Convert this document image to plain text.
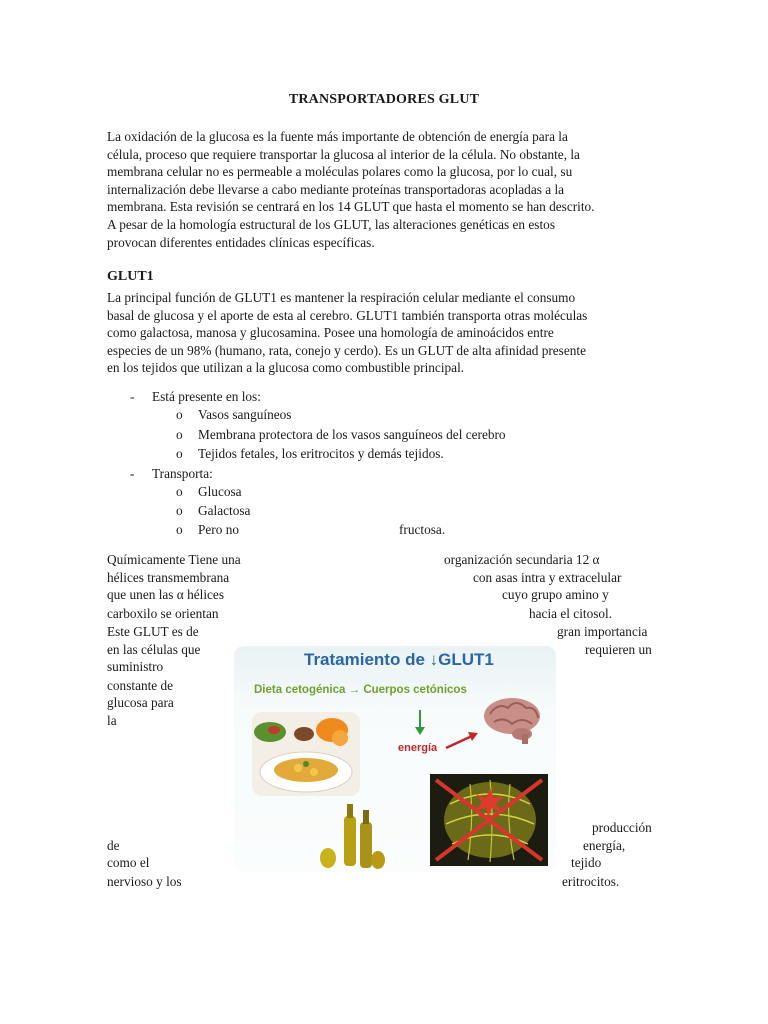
TRANSPORTADORES GLUT
La oxidación de la glucosa es la fuente más importante de obtención de energía para la
célula, proceso que requiere transportar la glucosa al interior de la célula. No obstante, la
membrana celular no es permeable a moléculas polares como la glucosa, por lo cual, su
internalización debe llevarse a cabo mediante proteínas transportadoras acopladas a la
membrana. Esta revisión se centrará en los 14 GLUT que hasta el momento se han descrito.
A pesar de la homología estructural de los GLUT, las alteraciones genéticas en estos
provocan diferentes entidades clínicas específicas.
GLUT1
La principal función de GLUT1 es mantener la respiración celular mediante el consumo
basal de glucosa y el aporte de esta al cerebro. GLUT1 también transporta otras moléculas
como galactosa, manosa y glucosamina. Posee una homología de aminoácidos entre
especies de un 98% (humano, rata, conejo y cerdo). Es un GLUT de alta afinidad presente
en los tejidos que utilizan a la glucosa como combustible principal.
- Está presente en los:
o Vasos sanguíneos
o Membrana protectora de los vasos sanguíneos del cerebro
o Tejidos fetales, los eritrocitos y demás tejidos.
- Transporta:
o Glucosa
o Galactosa
o Pero no	fructosa.
Químicamente Tiene una	organización secundaria 12 α
hélices transmembrana	con asas intra y extracelular
que unen las α hélices	cuyo grupo amino y
carboxilo se orientan	hacia el citosol.
Este GLUT es de	gran importancia
en las células que	requieren un
suministro
constante de
glucosa para
la
producción
de	energía,
como el	tejido
nervioso y los	eritrocitos.
Tratamiento de ↓GLUT1
Dieta cetogénica → Cuerpos cetónicos
energía
